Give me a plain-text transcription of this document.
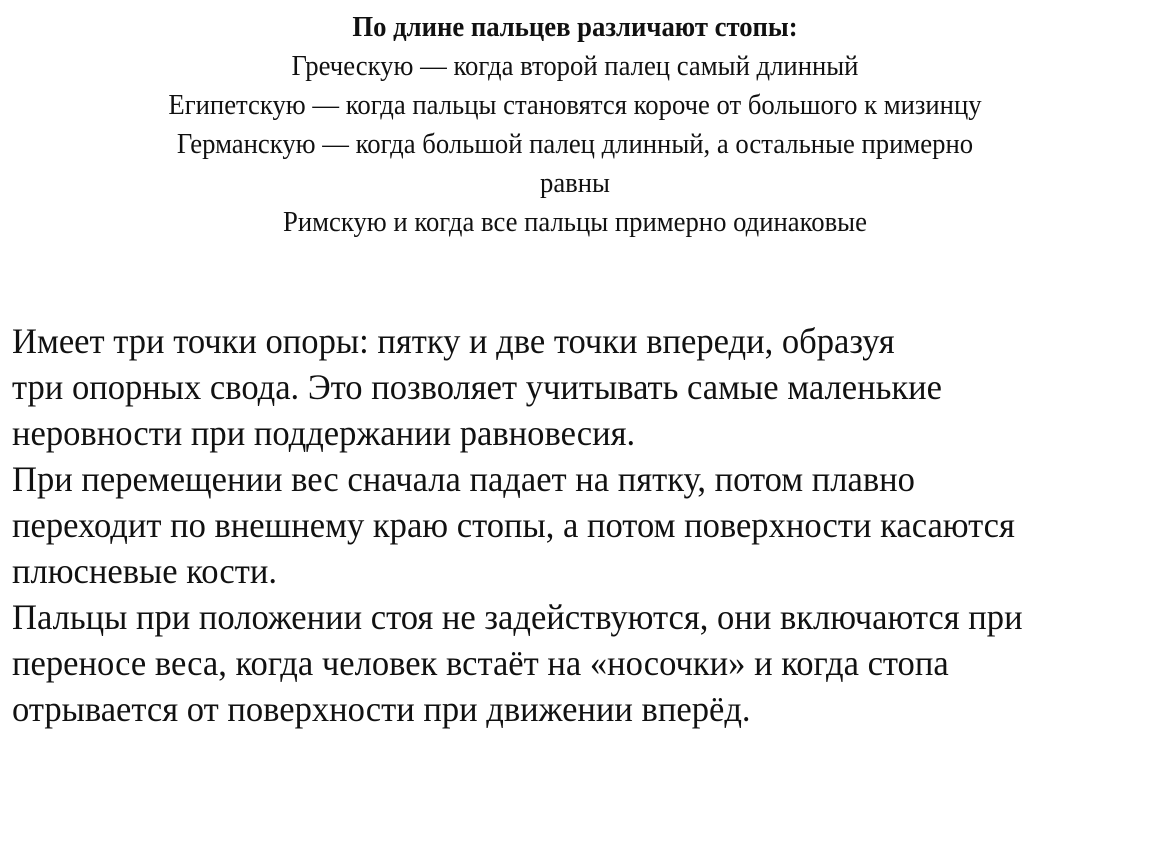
По длине пальцев различают стопы:
Греческую — когда второй палец самый длинный
Египетскую — когда пальцы становятся короче от большого к мизинцу
Германскую — когда большой палец длинный, а остальные примерно
равны
Римскую и когда все пальцы примерно одинаковые
Имеет три точки опоры: пятку и две точки впереди, образуя
три опорных свода. Это позволяет учитывать самые маленькие
неровности при поддержании равновесия.
При перемещении вес сначала падает на пятку, потом плавно
переходит по внешнему краю стопы, а потом поверхности касаются
плюсневые кости.
Пальцы при положении стоя не задействуются, они включаются при
переносе веса, когда человек встаёт на «носочки» и когда стопа
отрывается от поверхности при движении вперёд.
